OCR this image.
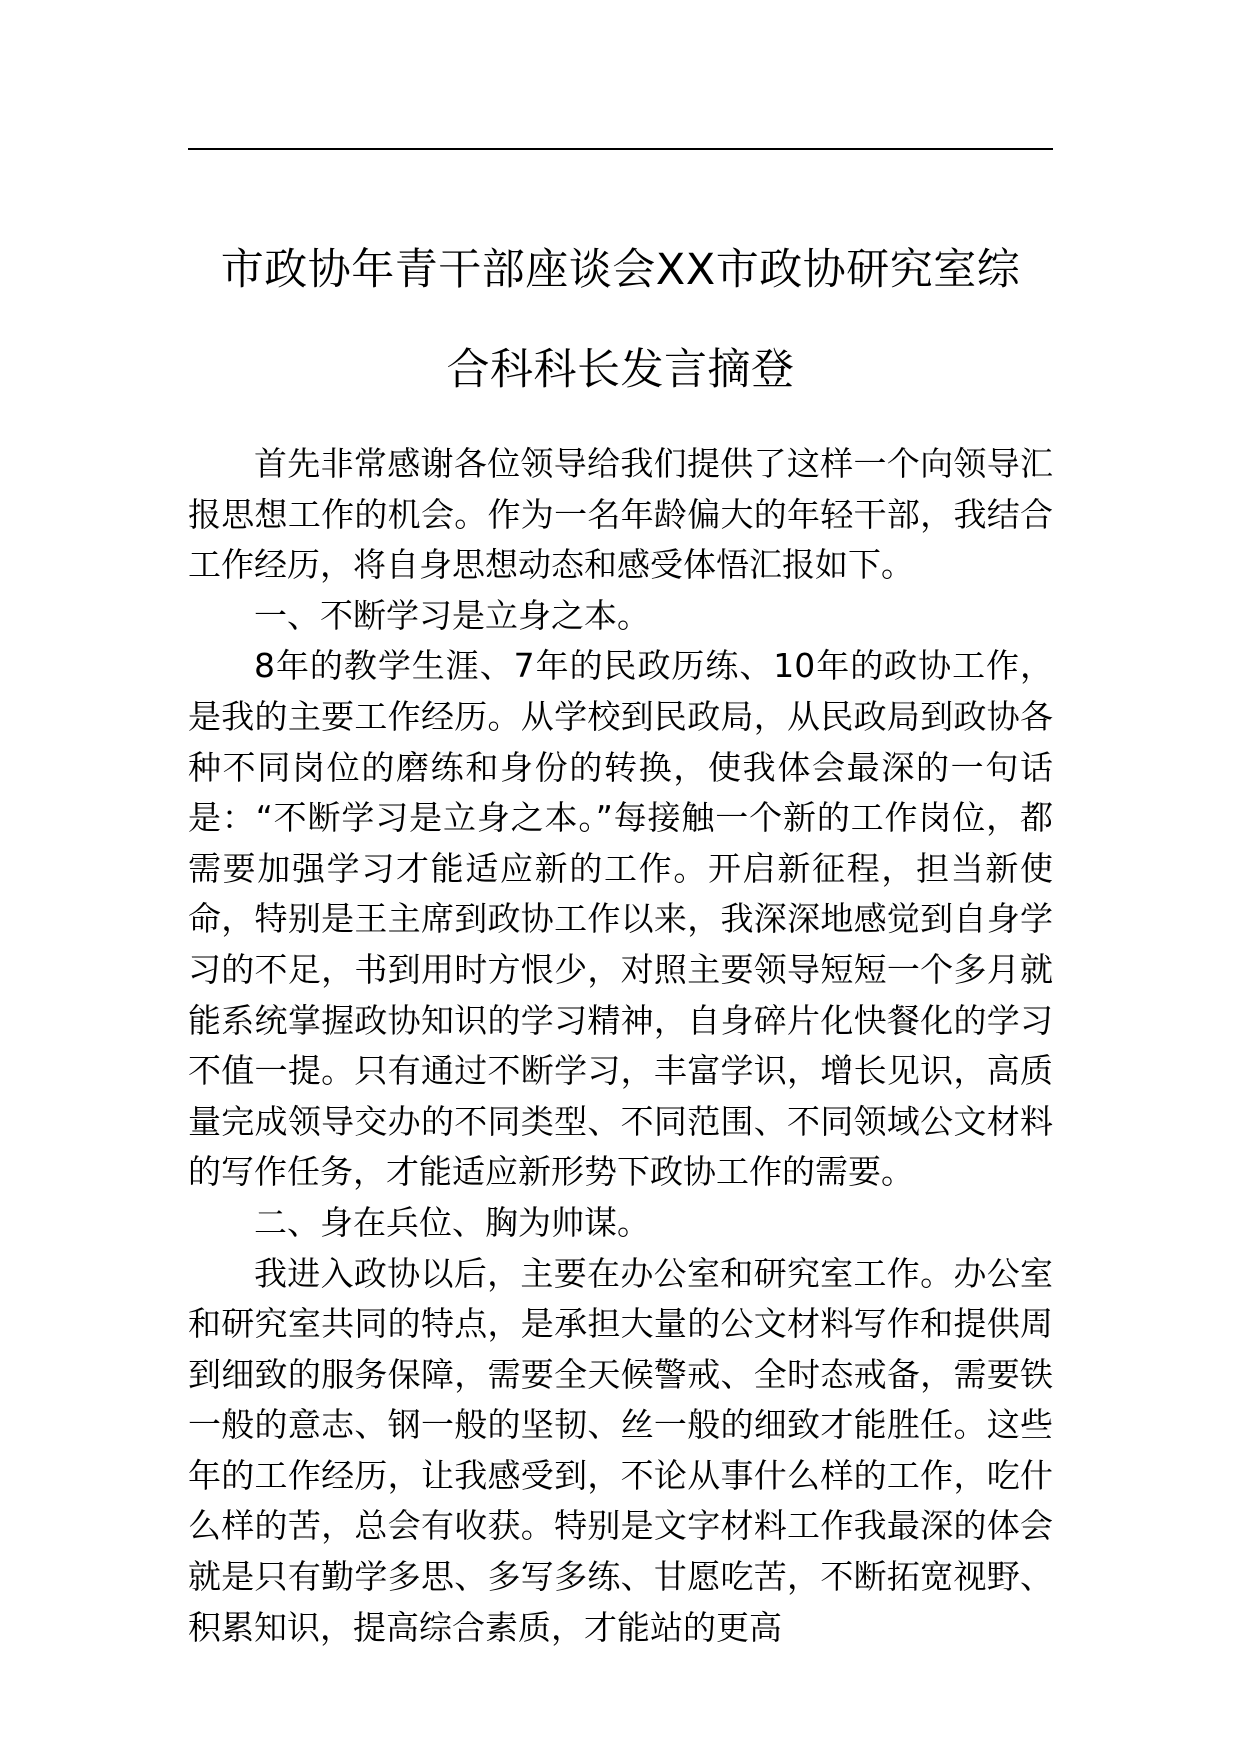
市政协年青干部座谈会XX市政协研究室综
合科科长发言摘登

首先非常感谢各位领导给我们提供了这样一个向领导汇报思想工作的机会。作为一名年龄偏大的年轻干部，我结合工作经历，将自身思想动态和感受体悟汇报如下。

一、不断学习是立身之本。

8年的教学生涯、7年的民政历练、10年的政协工作，是我的主要工作经历。从学校到民政局，从民政局到政协各种不同岗位的磨练和身份的转换，使我体会最深的一句话是：“不断学习是立身之本。”每接触一个新的工作岗位，都需要加强学习才能适应新的工作。开启新征程，担当新使命，特别是王主席到政协工作以来，我深深地感觉到自身学习的不足，书到用时方恨少，对照主要领导短短一个多月就能系统掌握政协知识的学习精神，自身碎片化快餐化的学习不值一提。只有通过不断学习，丰富学识，增长见识，高质量完成领导交办的不同类型、不同范围、不同领域公文材料的写作任务，才能适应新形势下政协工作的需要。

二、身在兵位、胸为帅谋。

我进入政协以后，主要在办公室和研究室工作。办公室和研究室共同的特点，是承担大量的公文材料写作和提供周到细致的服务保障，需要全天候警戒、全时态戒备，需要铁一般的意志、钢一般的坚韧、丝一般的细致才能胜任。这些年的工作经历，让我感受到，不论从事什么样的工作，吃什么样的苦，总会有收获。特别是文字材料工作我最深的体会就是只有勤学多思、多写多练、甘愿吃苦，不断拓宽视野、积累知识，提高综合素质，才能站的更高
